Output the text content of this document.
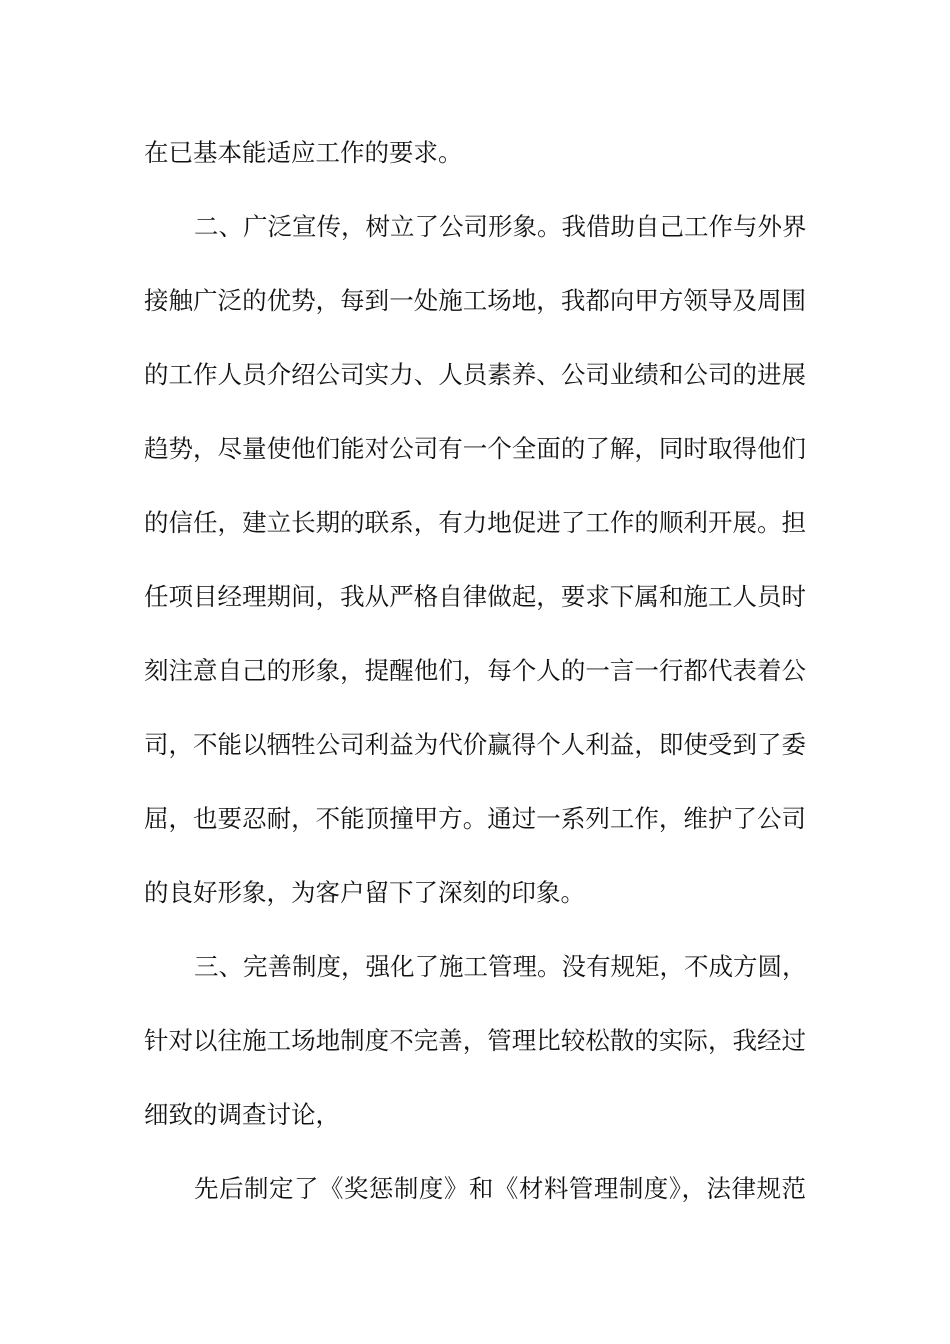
在已基本能适应工作的要求。
二、广泛宣传，树立了公司形象。我借助自己工作与外界
接触广泛的优势，每到一处施工场地，我都向甲方领导及周围
的工作人员介绍公司实力、人员素养、公司业绩和公司的进展
趋势，尽量使他们能对公司有一个全面的了解，同时取得他们
的信任，建立长期的联系，有力地促进了工作的顺利开展。担
任项目经理期间，我从严格自律做起，要求下属和施工人员时
刻注意自己的形象，提醒他们，每个人的一言一行都代表着公
司，不能以牺牲公司利益为代价赢得个人利益，即使受到了委
屈，也要忍耐，不能顶撞甲方。通过一系列工作，维护了公司
的良好形象，为客户留下了深刻的印象。
三、完善制度，强化了施工管理。没有规矩，不成方圆，
针对以往施工场地制度不完善，管理比较松散的实际，我经过
细致的调查讨论，
先后制定了《奖惩制度》和《材料管理制度》，法律规范
